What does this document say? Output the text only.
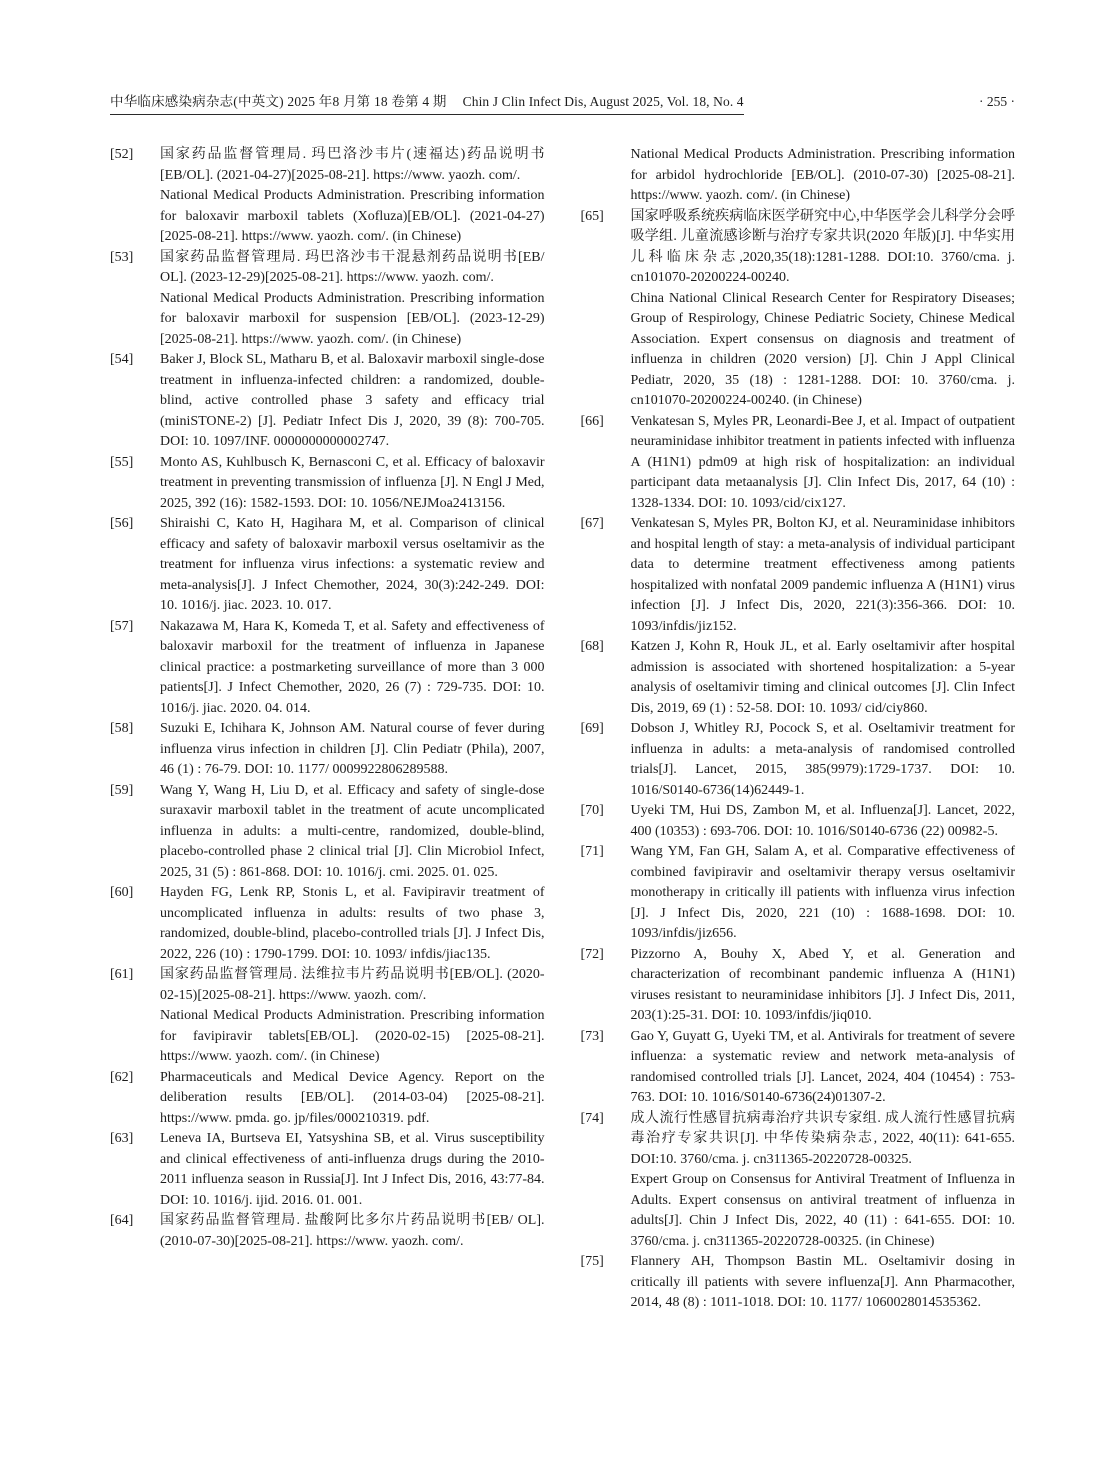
中华临床感染病杂志(中英文) 2025 年8 月第 18 卷第 4 期 Chin J Clin Infect Dis, August 2025, Vol. 18, No. 4	· 255 ·
[52]	国家药品监督管理局. 玛巴洛沙韦片(速福达)药品说明书 [EB/OL]. (2021-04-27)[2025-08-21]. https://www. yaozh. com/.

National Medical Products Administration. Prescribing information for baloxavir marboxil tablets (Xofluza)[EB/OL]. (2021-04-27)[2025-08-21]. https://www. yaozh. com/. (in Chinese)

[53]	国家药品监督管理局. 玛巴洛沙韦干混悬剂药品说明书[EB/ OL]. (2023-12-29)[2025-08-21]. https://www. yaozh. com/.

National Medical Products Administration. Prescribing information for baloxavir marboxil for suspension [EB/OL]. (2023-12-29) [2025-08-21]. https://www. yaozh. com/. (in Chinese)

[54]	Baker J, Block SL, Matharu B, et al. Baloxavir marboxil single-dose treatment in influenza-infected children: a randomized, double-blind, active controlled phase 3 safety and efficacy trial (miniSTONE-2) [J]. Pediatr Infect Dis J, 2020, 39 (8): 700-705. DOI: 10. 1097/INF. 0000000000002747.

[55]	Monto AS, Kuhlbusch K, Bernasconi C, et al. Efficacy of baloxavir treatment in preventing transmission of influenza [J]. N Engl J Med, 2025, 392 (16): 1582-1593. DOI: 10. 1056/NEJMoa2413156.

[56]	Shiraishi C, Kato H, Hagihara M, et al. Comparison of clinical efficacy and safety of baloxavir marboxil versus oseltamivir as the treatment for influenza virus infections: a systematic review and meta-analysis[J]. J Infect Chemother, 2024, 30(3):242-249. DOI: 10. 1016/j. jiac. 2023. 10. 017.

[57]	Nakazawa M, Hara K, Komeda T, et al. Safety and effectiveness of baloxavir marboxil for the treatment of influenza in Japanese clinical practice: a postmarketing surveillance of more than 3 000 patients[J]. J Infect Chemother, 2020, 26 (7) : 729-735. DOI: 10. 1016/j. jiac. 2020. 04. 014.

[58]	Suzuki E, Ichihara K, Johnson AM. Natural course of fever during influenza virus infection in children [J]. Clin Pediatr (Phila), 2007, 46 (1) : 76-79. DOI: 10. 1177/ 0009922806289588.

[59]	Wang Y, Wang H, Liu D, et al. Efficacy and safety of single-dose suraxavir marboxil tablet in the treatment of acute uncomplicated influenza in adults: a multi-centre, randomized, double-blind, placebo-controlled phase 2 clinical trial [J]. Clin Microbiol Infect, 2025, 31 (5) : 861-868. DOI: 10. 1016/j. cmi. 2025. 01. 025.

[60]	Hayden FG, Lenk RP, Stonis L, et al. Favipiravir treatment of uncomplicated influenza in adults: results of two phase 3, randomized, double-blind, placebo-controlled trials [J]. J Infect Dis, 2022, 226 (10) : 1790-1799. DOI: 10. 1093/ infdis/jiac135.

[61]	国家药品监督管理局. 法维拉韦片药品说明书[EB/OL]. (2020-02-15)[2025-08-21]. https://www. yaozh. com/.

National Medical Products Administration. Prescribing information for favipiravir tablets[EB/OL]. (2020-02-15) [2025-08-21]. https://www. yaozh. com/. (in Chinese)

[62]	Pharmaceuticals and Medical Device Agency. Report on the deliberation results [EB/OL]. (2014-03-04) [2025-08-21]. https://www. pmda. go. jp/files/000210319. pdf.

[63]	Leneva IA, Burtseva EI, Yatsyshina SB, et al. Virus susceptibility and clinical effectiveness of anti-influenza drugs during the 2010-2011 influenza season in Russia[J]. Int J Infect Dis, 2016, 43:77-84. DOI: 10. 1016/j. ijid. 2016. 01. 001.

[64]	国家药品监督管理局. 盐酸阿比多尔片药品说明书[EB/ OL]. (2010-07-30)[2025-08-21]. https://www. yaozh. com/.

National Medical Products Administration. Prescribing information for arbidol hydrochloride [EB/OL]. (2010-07-30) [2025-08-21]. https://www. yaozh. com/. (in Chinese)

[65]	国家呼吸系统疾病临床医学研究中心,中华医学会儿科学分会呼吸学组. 儿童流感诊断与治疗专家共识(2020 年版)[J]. 中华实用儿科临床杂志,2020,35(18):1281-1288. DOI:10. 3760/cma. j. cn101070-20200224-00240.

China National Clinical Research Center for Respiratory Diseases; Group of Respirology, Chinese Pediatric Society, Chinese Medical Association. Expert consensus on diagnosis and treatment of influenza in children (2020 version) [J]. Chin J Appl Clinical Pediatr, 2020, 35 (18) : 1281-1288. DOI: 10. 3760/cma. j. cn101070-20200224-00240. (in Chinese)

[66]	Venkatesan S, Myles PR, Leonardi-Bee J, et al. Impact of outpatient neuraminidase inhibitor treatment in patients infected with influenza A (H1N1) pdm09 at high risk of hospitalization: an individual participant data metaanalysis [J]. Clin Infect Dis, 2017, 64 (10) : 1328-1334. DOI: 10. 1093/cid/cix127.

[67]	Venkatesan S, Myles PR, Bolton KJ, et al. Neuraminidase inhibitors and hospital length of stay: a meta-analysis of individual participant data to determine treatment effectiveness among patients hospitalized with nonfatal 2009 pandemic influenza A (H1N1) virus infection [J]. J Infect Dis, 2020, 221(3):356-366. DOI: 10. 1093/infdis/jiz152.

[68]	Katzen J, Kohn R, Houk JL, et al. Early oseltamivir after hospital admission is associated with shortened hospitalization: a 5-year analysis of oseltamivir timing and clinical outcomes [J]. Clin Infect Dis, 2019, 69 (1) : 52-58. DOI: 10. 1093/ cid/ciy860.

[69]	Dobson J, Whitley RJ, Pocock S, et al. Oseltamivir treatment for influenza in adults: a meta-analysis of randomised controlled trials[J]. Lancet, 2015, 385(9979):1729-1737. DOI: 10. 1016/S0140-6736(14)62449-1.

[70]	Uyeki TM, Hui DS, Zambon M, et al. Influenza[J]. Lancet, 2022, 400 (10353) : 693-706. DOI: 10. 1016/S0140-6736 (22) 00982-5.

[71]	Wang YM, Fan GH, Salam A, et al. Comparative effectiveness of combined favipiravir and oseltamivir therapy versus oseltamivir monotherapy in critically ill patients with influenza virus infection [J]. J Infect Dis, 2020, 221 (10) : 1688-1698. DOI: 10. 1093/infdis/jiz656.

[72]	Pizzorno A, Bouhy X, Abed Y, et al. Generation and characterization of recombinant pandemic influenza A (H1N1) viruses resistant to neuraminidase inhibitors [J]. J Infect Dis, 2011, 203(1):25-31. DOI: 10. 1093/infdis/jiq010.

[73]	Gao Y, Guyatt G, Uyeki TM, et al. Antivirals for treatment of severe influenza: a systematic review and network meta-analysis of randomised controlled trials [J]. Lancet, 2024, 404 (10454) : 753-763. DOI: 10. 1016/S0140-6736(24)01307-2.

[74]	成人流行性感冒抗病毒治疗共识专家组. 成人流行性感冒抗病毒治疗专家共识[J]. 中华传染病杂志, 2022, 40(11): 641-655. DOI:10. 3760/cma. j. cn311365-20220728-00325.

Expert Group on Consensus for Antiviral Treatment of Influenza in Adults. Expert consensus on antiviral treatment of influenza in adults[J]. Chin J Infect Dis, 2022, 40 (11) : 641-655. DOI: 10. 3760/cma. j. cn311365-20220728-00325. (in Chinese)

[75]	Flannery AH, Thompson Bastin ML. Oseltamivir dosing in critically ill patients with severe influenza[J]. Ann Pharmacother, 2014, 48 (8) : 1011-1018. DOI: 10. 1177/ 1060028014535362.
